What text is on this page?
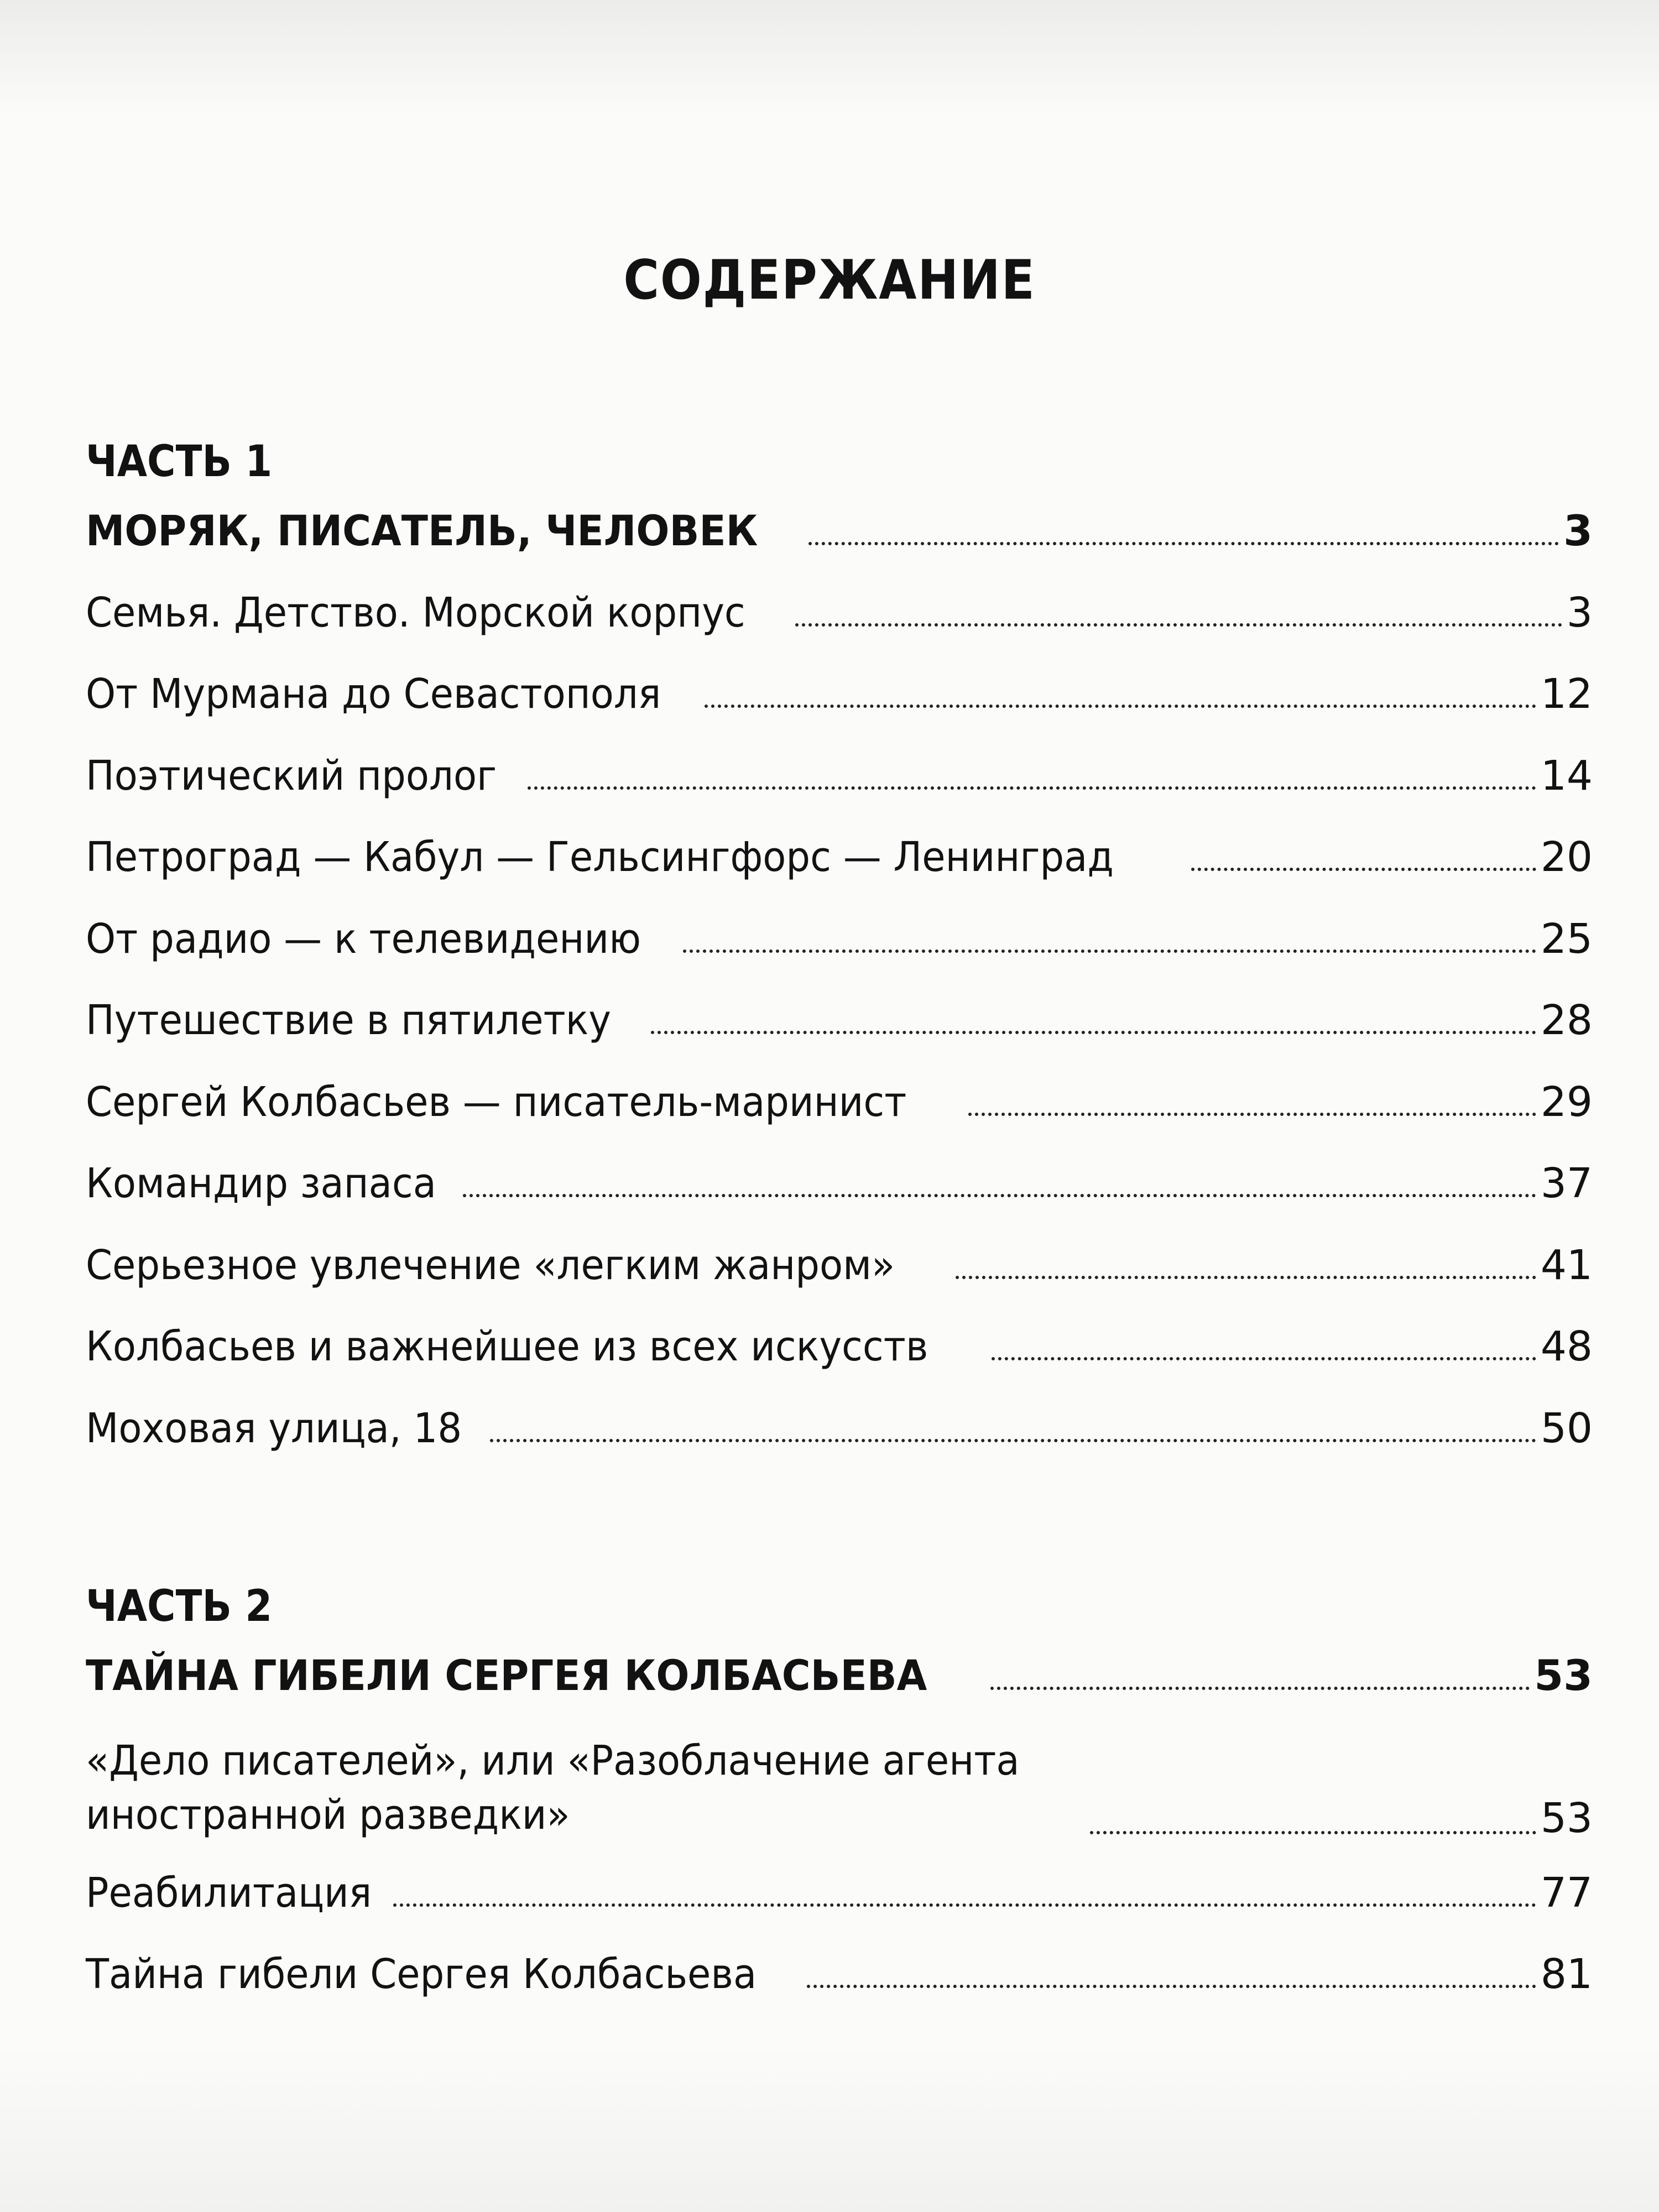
СОДЕРЖАНИЕ
ЧАСТЬ 1
МОРЯК, ПИСАТЕЛЬ, ЧЕЛОВЕК	3
Семья. Детство. Морской корпус	3
От Мурмана до Севастополя	12
Поэтический пролог	14
Петроград — Кабул — Гельсингфорс — Ленинград	20
От радио — к телевидению	25
Путешествие в пятилетку	28
Сергей Колбасьев — писатель-маринист	29
Командир запаса	37
Серьезное увлечение «легким жанром»	41
Колбасьев и важнейшее из всех искусств	48
Моховая улица, 18	50
ЧАСТЬ 2
ТАЙНА ГИБЕЛИ СЕРГЕЯ КОЛБАСЬЕВА	53
«Дело писателей», или «Разоблачение агента
иностранной разведки»	53
Реабилитация	77
Тайна гибели Сергея Колбасьева	81
